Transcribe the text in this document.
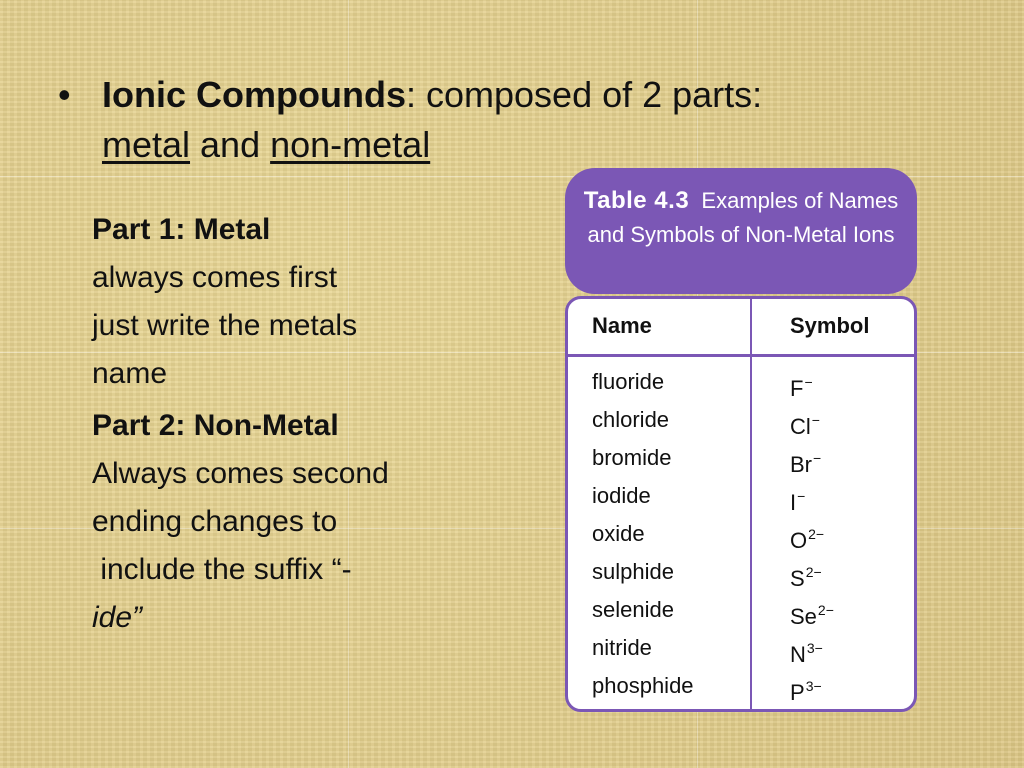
• Ionic Compounds: composed of 2 parts:
metal and non-metal
Part 1: Metal
always comes first
just write the metals
name
Part 2: Non-Metal
Always comes second
ending changes to
include the suffix “-
ide”
Table 4.3 Examples of Names and Symbols of Non-Metal Ions
Name	Symbol
fluoride	F−
chloride	Cl−
bromide	Br−
iodide	I−
oxide	$O^{2-}$
sulphide	$S^{2-}$
selenide	$Se^{2-}$
nitride	$N^{3-}$
phosphide	$P^{3-}$
